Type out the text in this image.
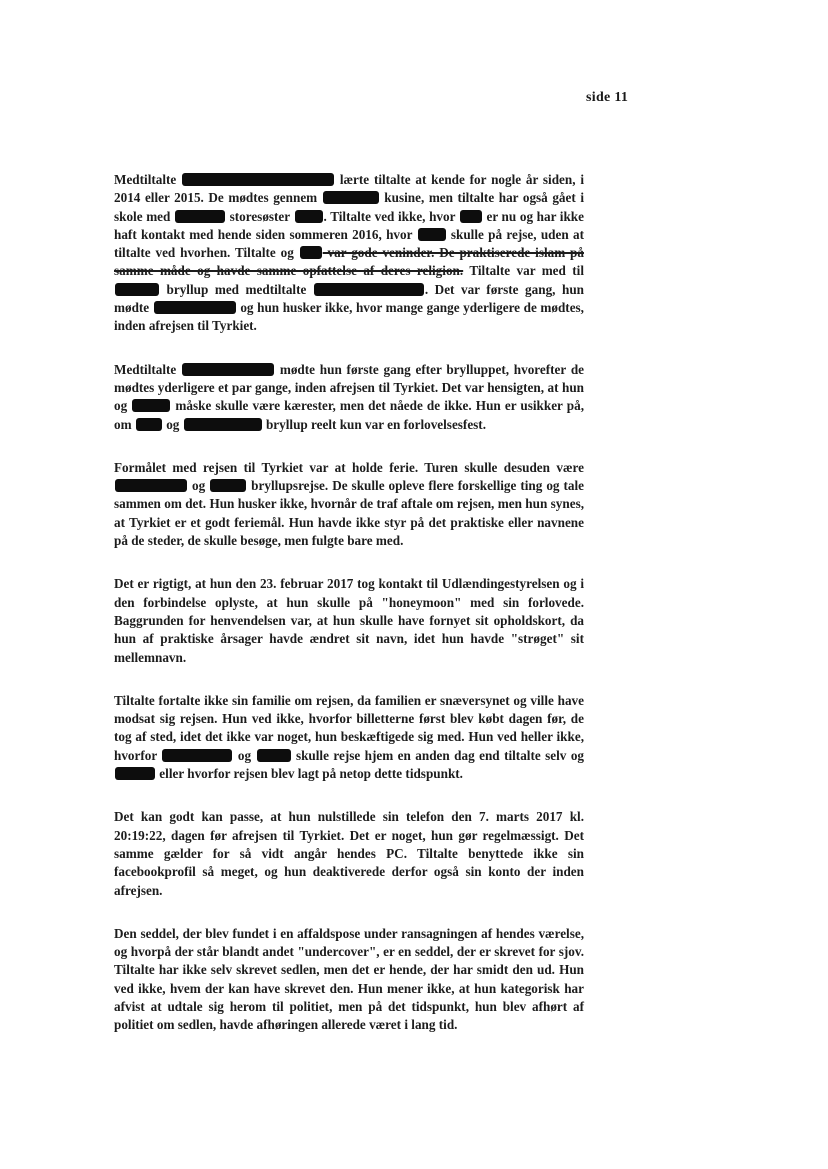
side 11

Medtiltalte	lærte tiltalte at kende for nogle år siden, i 2014 eller 2015. De mødtes gennem	kusine, men tiltalte har også gået i skole med	storesøster . Tiltalte ved ikke, hvor  er nu og har ikke haft kontakt med hende siden sommeren 2016, hvor  skulle på rejse, uden at tiltalte ved hvorhen. Tiltalte og  var gode veninder. De praktiserede islam på samme måde og havde samme opfattelse af deres religion. Tiltalte var med til  bryllup med medtiltalte	. Det var første gang, hun mødte	og hun husker ikke, hvor mange gange yderligere de mødtes, inden afrejsen til Tyrkiet.

Medtiltalte	mødte hun første gang efter brylluppet, hvorefter de mødtes yderligere et par gange, inden afrejsen til Tyrkiet. Det var hensigten, at hun og	måske skulle være kærester, men det nåede de ikke. Hun er usikker på, om  og	bryllup reelt kun var en forlovelsesfest.

Formålet med rejsen til Tyrkiet var at holde ferie. Turen skulle desuden være  og	bryllupsrejse. De skulle opleve flere forskellige ting og tale sammen om det. Hun husker ikke, hvornår de traf aftale om rejsen, men hun synes, at Tyrkiet er et godt feriemål. Hun havde ikke styr på det praktiske eller navnene på de steder, de skulle besøge, men fulgte bare med.

Det er rigtigt, at hun den 23. februar 2017 tog kontakt til Udlændingestyrelsen og i den forbindelse oplyste, at hun skulle på "honeymoon" med sin forlovede. Baggrunden for henvendelsen var, at hun skulle have fornyet sit opholdskort, da hun af praktiske årsager havde ændret sit navn, idet hun havde "strøget" sit mellemnavn.

Tiltalte fortalte ikke sin familie om rejsen, da familien er snæversynet og ville have modsat sig rejsen. Hun ved ikke, hvorfor billetterne først blev købt dagen før, de tog af sted, idet det ikke var noget, hun beskæftigede sig med. Hun ved heller ikke, hvorfor	og	skulle rejse hjem en anden dag end tiltalte selv og  eller hvorfor rejsen blev lagt på netop dette tidspunkt.

Det kan godt kan passe, at hun nulstillede sin telefon den 7. marts 2017 kl. 20:19:22, dagen før afrejsen til Tyrkiet. Det er noget, hun gør regelmæssigt. Det samme gælder for så vidt angår hendes PC. Tiltalte benyttede ikke sin facebookprofil så meget, og hun deaktiverede derfor også sin konto der inden afrejsen.

Den seddel, der blev fundet i en affaldspose under ransagningen af hendes værelse, og hvorpå der står blandt andet "undercover", er en seddel, der er skrevet for sjov. Tiltalte har ikke selv skrevet sedlen, men det er hende, der har smidt den ud. Hun ved ikke, hvem der kan have skrevet den. Hun mener ikke, at hun kategorisk har afvist at udtale sig herom til politiet, men på det tidspunkt, hun blev afhørt af politiet om sedlen, havde afhøringen allerede været i lang tid.
